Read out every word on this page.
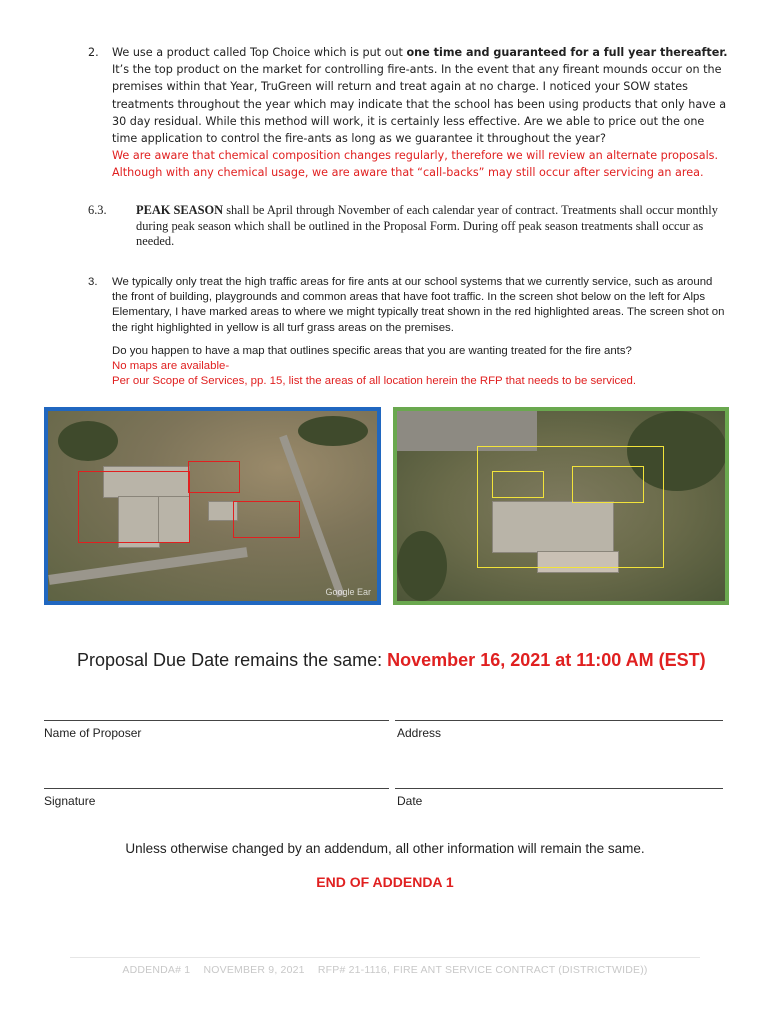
2. We use a product called Top Choice which is put out one time and guaranteed for a full year thereafter. It’s the top product on the market for controlling fire-ants. In the event that any fireant mounds occur on the premises within that Year, TruGreen will return and treat again at no charge. I noticed your SOW states treatments throughout the year which may indicate that the school has been using products that only have a 30 day residual. While this method will work, it is certainly less effective. Are we able to price out the one time application to control the fire-ants as long as we guarantee it throughout the year?
We are aware that chemical composition changes regularly, therefore we will review an alternate proposals. Although with any chemical usage, we are aware that “call-backs” may still occur after servicing an area.
6.3. PEAK SEASON shall be April through November of each calendar year of contract. Treatments shall occur monthly during peak season which shall be outlined in the Proposal Form. During off peak season treatments shall occur as needed.
3. We typically only treat the high traffic areas for fire ants at our school systems that we currently service, such as around the front of building, playgrounds and common areas that have foot traffic. In the screen shot below on the left for Alps Elementary, I have marked areas to where we might typically treat shown in the red highlighted areas. The screen shot on the right highlighted in yellow is all turf grass areas on the premises.

Do you happen to have a map that outlines specific areas that you are wanting treated for the fire ants?
No maps are available-
Per our Scope of Services, pp. 15, list the areas of all location herein the RFP that needs to be serviced.
Google Ear
Proposal Due Date remains the same: November 16, 2021 at 11:00 AM (EST)
Name of Proposer	Address
Signature	Date
Unless otherwise changed by an addendum, all other information will remain the same.
END OF ADDENDA 1
ADDENDA# 1 NOVEMBER 9, 2021 RFP# 21-1116, FIRE ANT SERVICE CONTRACT (DISTRICTWIDE))
